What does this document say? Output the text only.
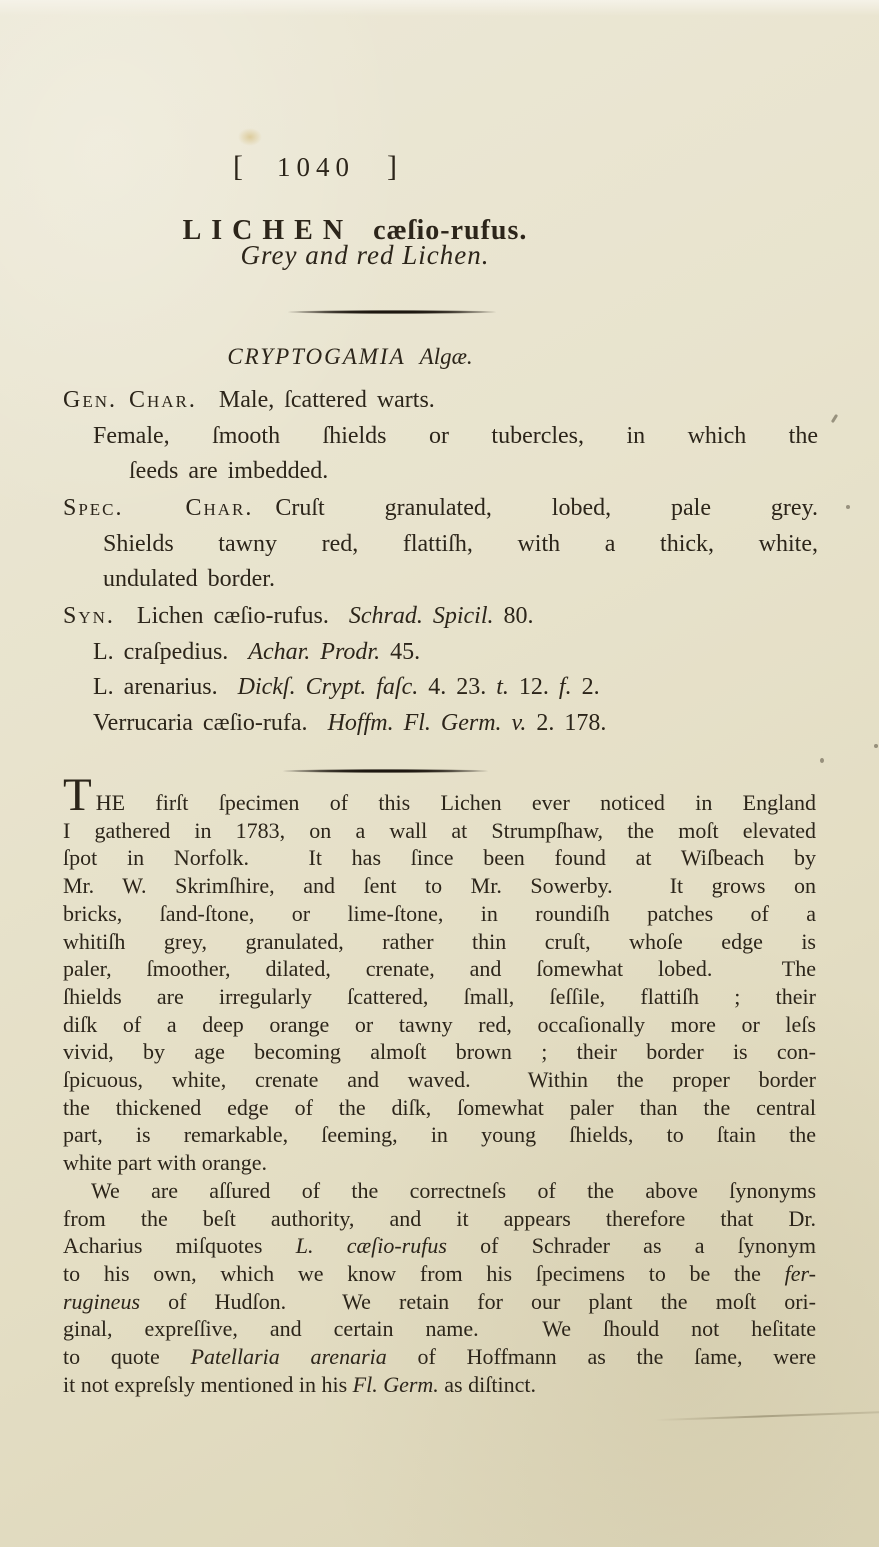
[ 1040 ]
LICHEN cæſio-rufus.
Grey and red Lichen.
CRYPTOGAMIA Algæ.
Gen. Char. Male, ſcattered warts.
Female, ſmooth ſhields or tubercles, in which the
ſeeds are imbedded.
Spec. Char. Cruſt granulated, lobed, pale grey.
Shields tawny red, flattiſh, with a thick, white,
undulated border.
Syn. Lichen cæſio-rufus.  Schrad. Spicil. 80.
L. craſpedius.  Achar. Prodr. 45.
L. arenarius.  Dickſ. Crypt. faſc. 4. 23. t. 12. f. 2.
Verrucaria cæſio-rufa.  Hoffm. Fl. Germ. v. 2. 178.
T HE firſt ſpecimen of this Lichen ever noticed in England
I gathered in 1783, on a wall at Strumpſhaw, the moſt elevated
ſpot in Norfolk.  It has ſince been found at Wiſbeach by
Mr. W. Skrimſhire, and ſent to Mr. Sowerby.  It grows on
bricks, ſand-ſtone, or lime-ſtone, in roundiſh patches of a
whitiſh grey, granulated, rather thin cruſt, whoſe edge is
paler, ſmoother, dilated, crenate, and ſomewhat lobed.  The
ſhields are irregularly ſcattered, ſmall, ſeſſile, flattiſh ; their
diſk of a deep orange or tawny red, occaſionally more or leſs
vivid, by age becoming almoſt brown ; their border is con-
ſpicuous, white, crenate and waved.  Within the proper border
the thickened edge of the diſk, ſomewhat paler than the central
part, is remarkable, ſeeming, in young ſhields, to ſtain the
white part with orange.
We are aſſured of the correctneſs of the above ſynonyms
from the beſt authority, and it appears therefore that Dr.
Acharius miſquotes L. cæſio-rufus of Schrader as a ſynonym
to his own, which we know from his ſpecimens to be the fer-
rugineus of Hudſon.  We retain for our plant the moſt ori-
ginal, expreſſive, and certain name.  We ſhould not heſitate
to quote Patellaria arenaria of Hoffmann as the ſame, were
it not expreſsly mentioned in his Fl. Germ. as diſtinct.
